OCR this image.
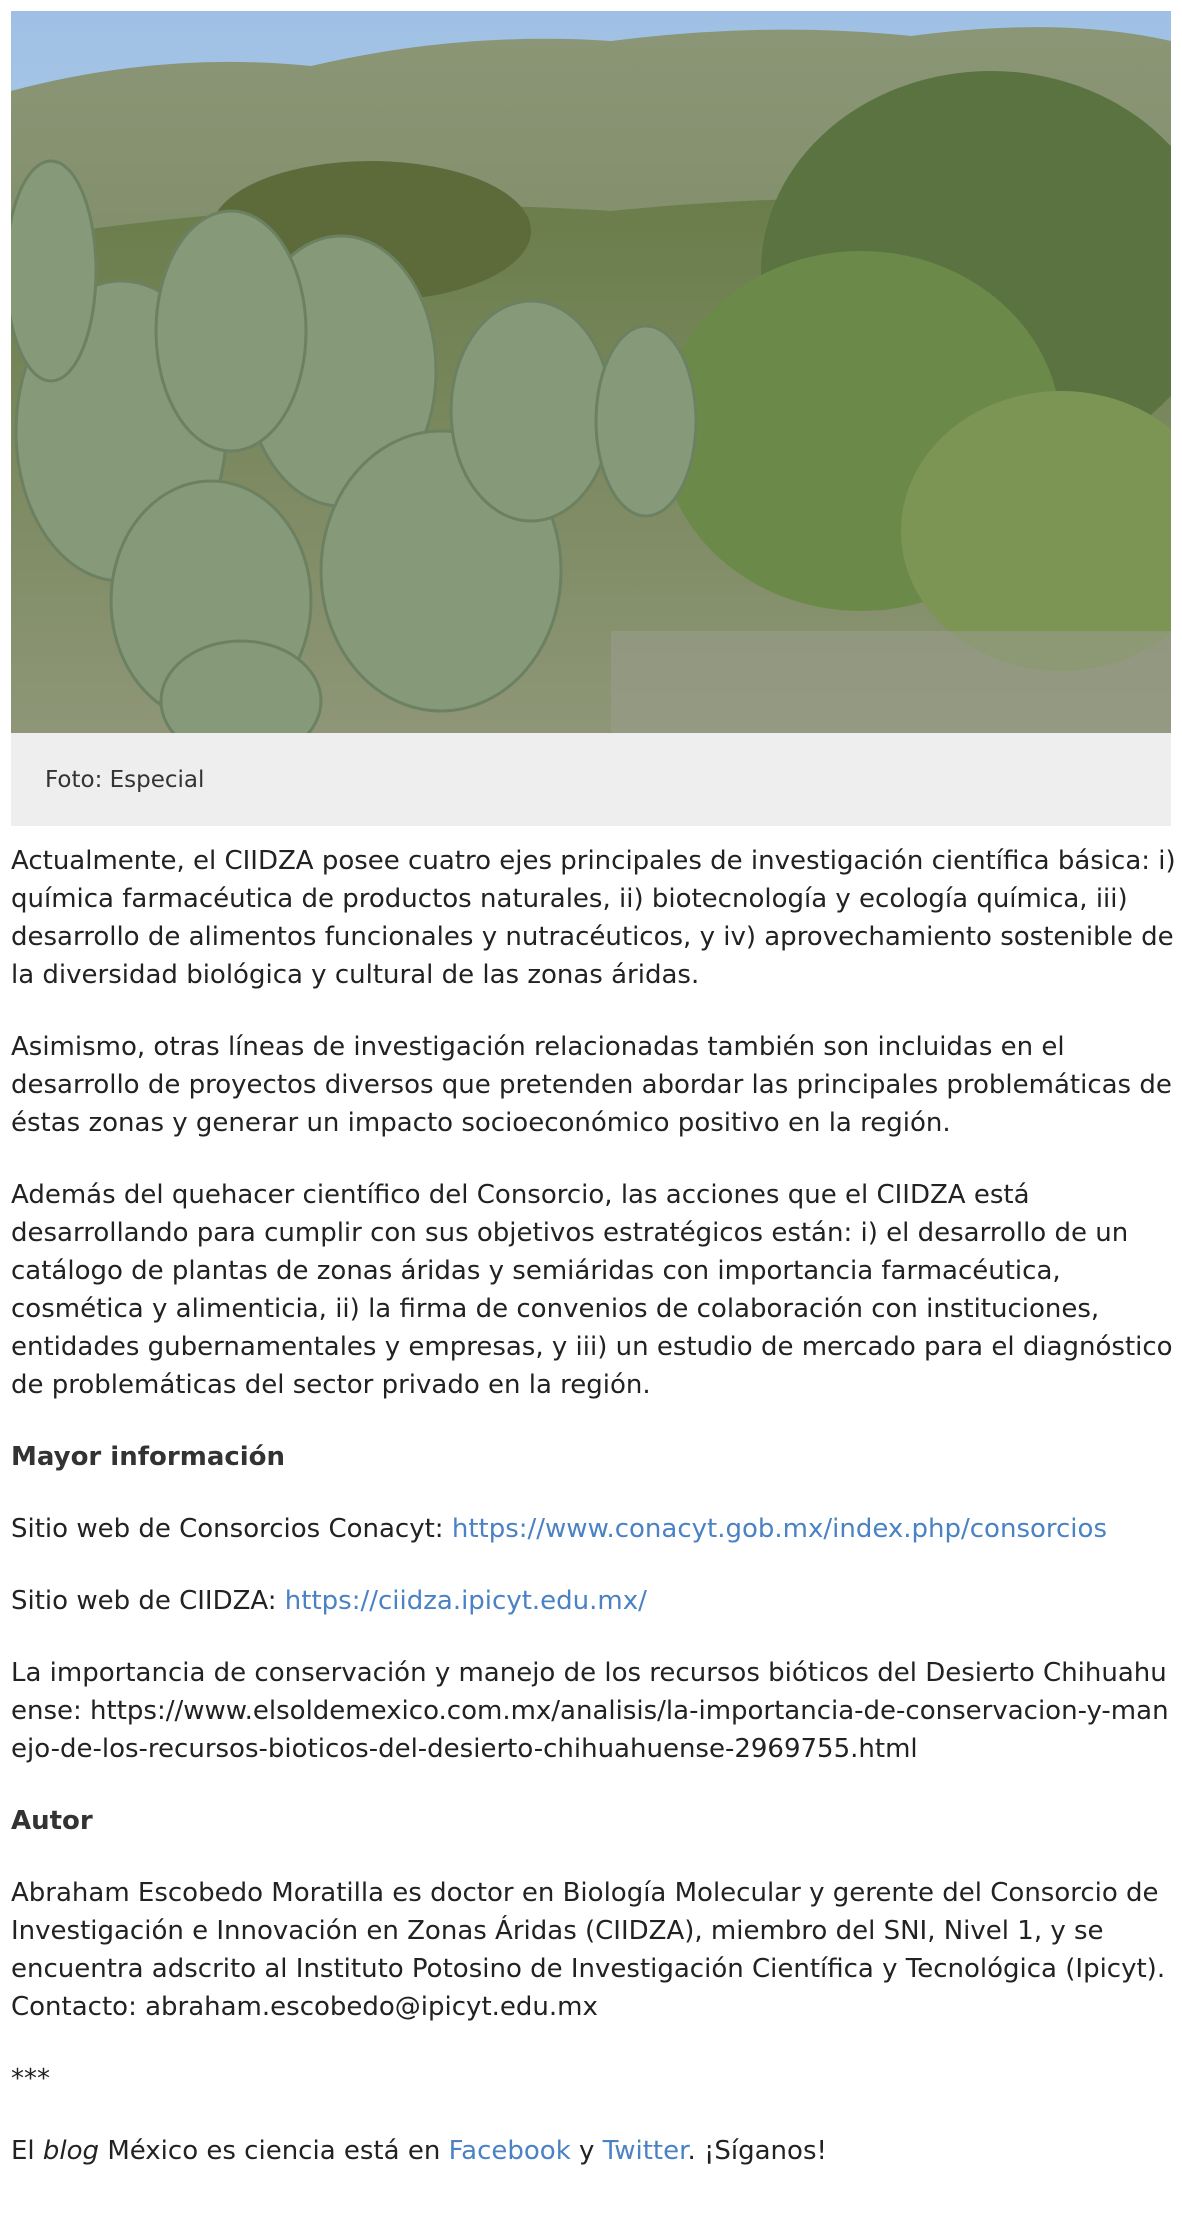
Foto: Especial

Actualmente, el CIIDZA posee cuatro ejes principales de investigación científica básica: i) química farmacéutica de productos naturales, ii) biotecnología y ecología química, iii) desarrollo de alimentos funcionales y nutracéuticos, y iv) aprovechamiento sostenible de la diversidad biológica y cultural de las zonas áridas.

Asimismo, otras líneas de investigación relacionadas también son incluidas en el desarrollo de proyectos diversos que pretenden abordar las principales problemáticas de éstas zonas y generar un impacto socioeconómico positivo en la región.

Además del quehacer científico del Consorcio, las acciones que el CIIDZA está desarrollando para cumplir con sus objetivos estratégicos están: i) el desarrollo de un catálogo de plantas de zonas áridas y semiáridas con importancia farmacéutica, cosmética y alimenticia, ii) la firma de convenios de colaboración con instituciones, entidades gubernamentales y empresas, y iii) un estudio de mercado para el diagnóstico de problemáticas del sector privado en la región.

Mayor información

Sitio web de Consorcios Conacyt: https://www.conacyt.gob.mx/index.php/consorcios

Sitio web de CIIDZA: https://ciidza.ipicyt.edu.mx/

La importancia de conservación y manejo de los recursos bióticos del Desierto Chihuahuense: https://www.elsoldemexico.com.mx/analisis/la-importancia-de-conservacion-y-manejo-de-los-recursos-bioticos-del-desierto-chihuahuense-2969755.html

Autor

Abraham Escobedo Moratilla es doctor en Biología Molecular y gerente del Consorcio de Investigación e Innovación en Zonas Áridas (CIIDZA), miembro del SNI, Nivel 1, y se encuentra adscrito al Instituto Potosino de Investigación Científica y Tecnológica (Ipicyt). Contacto: abraham.escobedo@ipicyt.edu.mx

***

El blog México es ciencia está en Facebook y Twitter. ¡Síganos!
